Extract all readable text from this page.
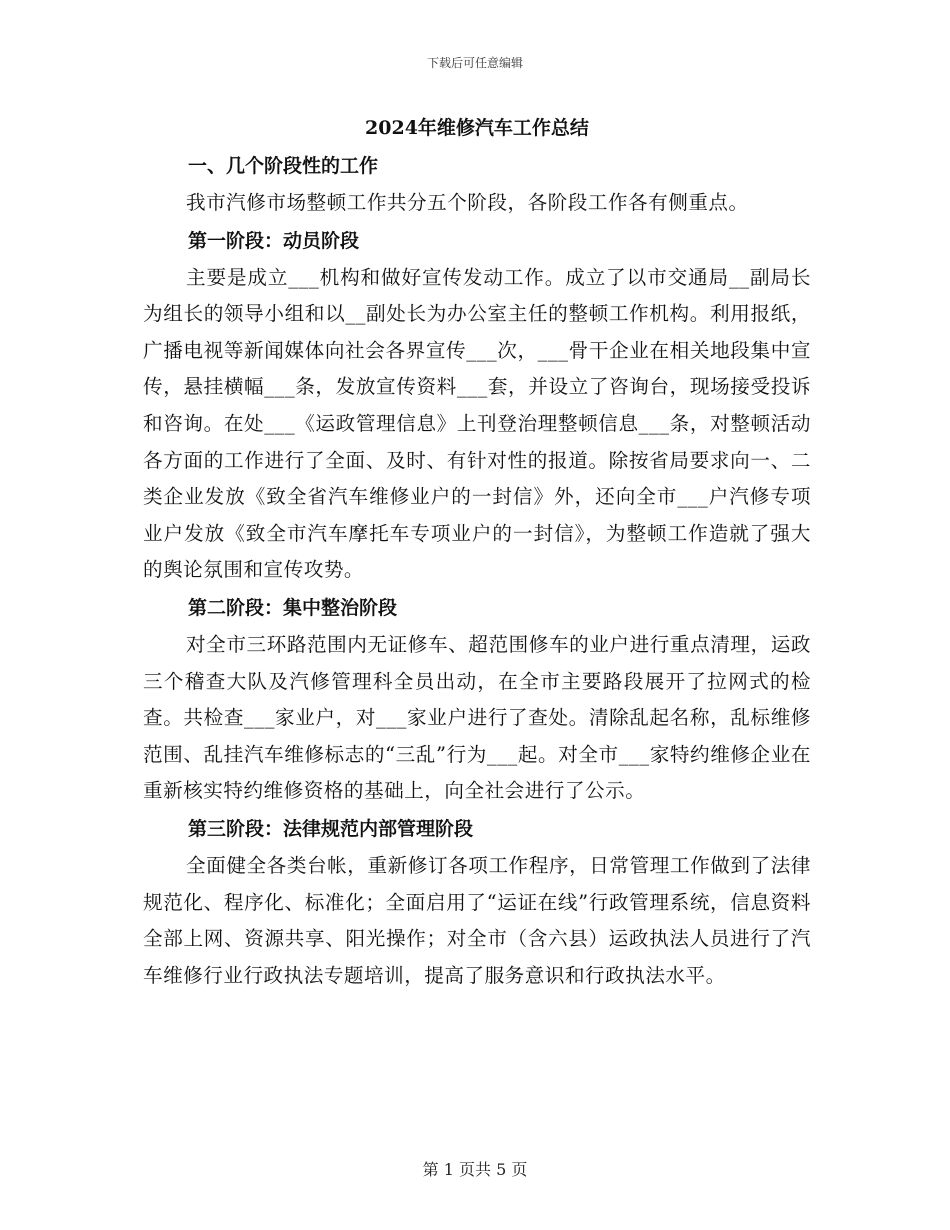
下载后可任意编辑
2024年维修汽车工作总结
一、几个阶段性的工作

我市汽修市场整顿工作共分五个阶段，各阶段工作各有侧重点。

第一阶段：动员阶段

主要是成立___机构和做好宣传发动工作。成立了以市交通局__副局长为组长的领导小组和以__副处长为办公室主任的整顿工作机构。利用报纸，广播电视等新闻媒体向社会各界宣传___次，___骨干企业在相关地段集中宣传，悬挂横幅___条，发放宣传资料___套，并设立了咨询台，现场接受投诉和咨询。在处___《运政管理信息》上刊登治理整顿信息___条，对整顿活动各方面的工作进行了全面、及时、有针对性的报道。除按省局要求向一、二类企业发放《致全省汽车维修业户的一封信》外，还向全市___户汽修专项业户发放《致全市汽车摩托车专项业户的一封信》，为整顿工作造就了强大的舆论氛围和宣传攻势。

第二阶段：集中整治阶段

对全市三环路范围内无证修车、超范围修车的业户进行重点清理，运政三个稽查大队及汽修管理科全员出动，在全市主要路段展开了拉网式的检查。共检查___家业户，对___家业户进行了查处。清除乱起名称，乱标维修范围、乱挂汽车维修标志的“三乱”行为___起。对全市___家特约维修企业在重新核实特约维修资格的基础上，向全社会进行了公示。

第三阶段：法律规范内部管理阶段

全面健全各类台帐，重新修订各项工作程序，日常管理工作做到了法律规范化、程序化、标准化；全面启用了“运证在线”行政管理系统，信息资料全部上网、资源共享、阳光操作；对全市（含六县）运政执法人员进行了汽车维修行业行政执法专题培训，提高了服务意识和行政执法水平。

第 1 页共 5 页
